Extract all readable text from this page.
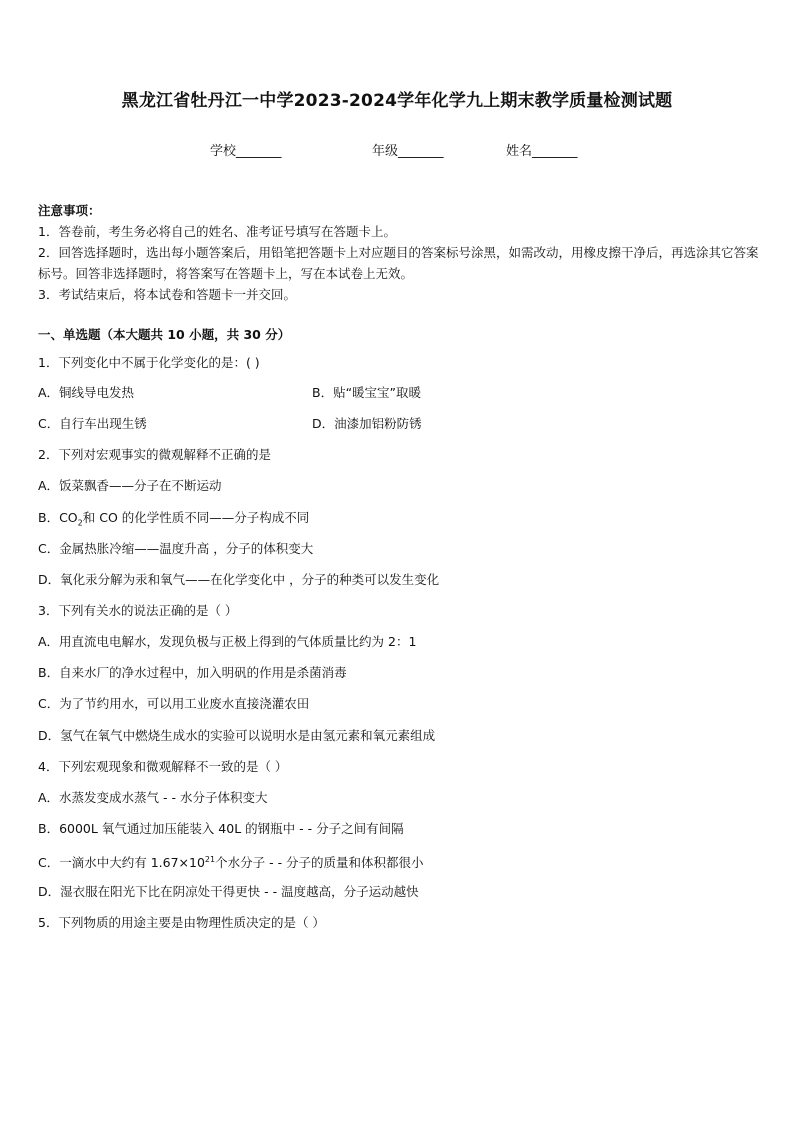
黑龙江省牡丹江一中学2023-2024学年化学九上期末教学质量检测试题
学校_______	年级_______	姓名_______
注意事项：
1．答卷前，考生务必将自己的姓名、准考证号填写在答题卡上。
2．回答选择题时，选出每小题答案后，用铅笔把答题卡上对应题目的答案标号涂黑，如需改动，用橡皮擦干净后，再选涂其它答案标号。回答非选择题时，将答案写在答题卡上，写在本试卷上无效。
3．考试结束后，将本试卷和答题卡一并交回。
一、单选题（本大题共 10 小题，共 30 分）
1．下列变化中不属于化学变化的是：( )
A．铜线导电发热	B．贴“暖宝宝”取暖
C．自行车出现生锈	D．油漆加铝粉防锈
2．下列对宏观事实的微观解释不正确的是
A．饭菜飘香——分子在不断运动
B．$CO_2$和 CO 的化学性质不同——分子构成不同
C．金属热胀冷缩——温度升高 ，分子的体积变大
D．氧化汞分解为汞和氧气——在化学变化中 ，分子的种类可以发生变化
3．下列有关水的说法正确的是（ ）
A．用直流电电解水，发现负极与正极上得到的气体质量比约为 2：1
B．自来水厂的净水过程中，加入明矾的作用是杀菌消毒
C．为了节约用水，可以用工业废水直接浇灌农田
D．氢气在氧气中燃烧生成水的实验可以说明水是由氢元素和氧元素组成
4．下列宏观现象和微观解释不一致的是（ ）
A．水蒸发变成水蒸气 - - 水分子体积变大
B．6000L 氧气通过加压能装入 40L 的钢瓶中 - - 分子之间有间隔
C．一滴水中大约有 $1.67\times 10^{21}$个水分子 - - 分子的质量和体积都很小
D．湿衣服在阳光下比在阴凉处干得更快 - - 温度越高，分子运动越快
5．下列物质的用途主要是由物理性质决定的是（ ）
